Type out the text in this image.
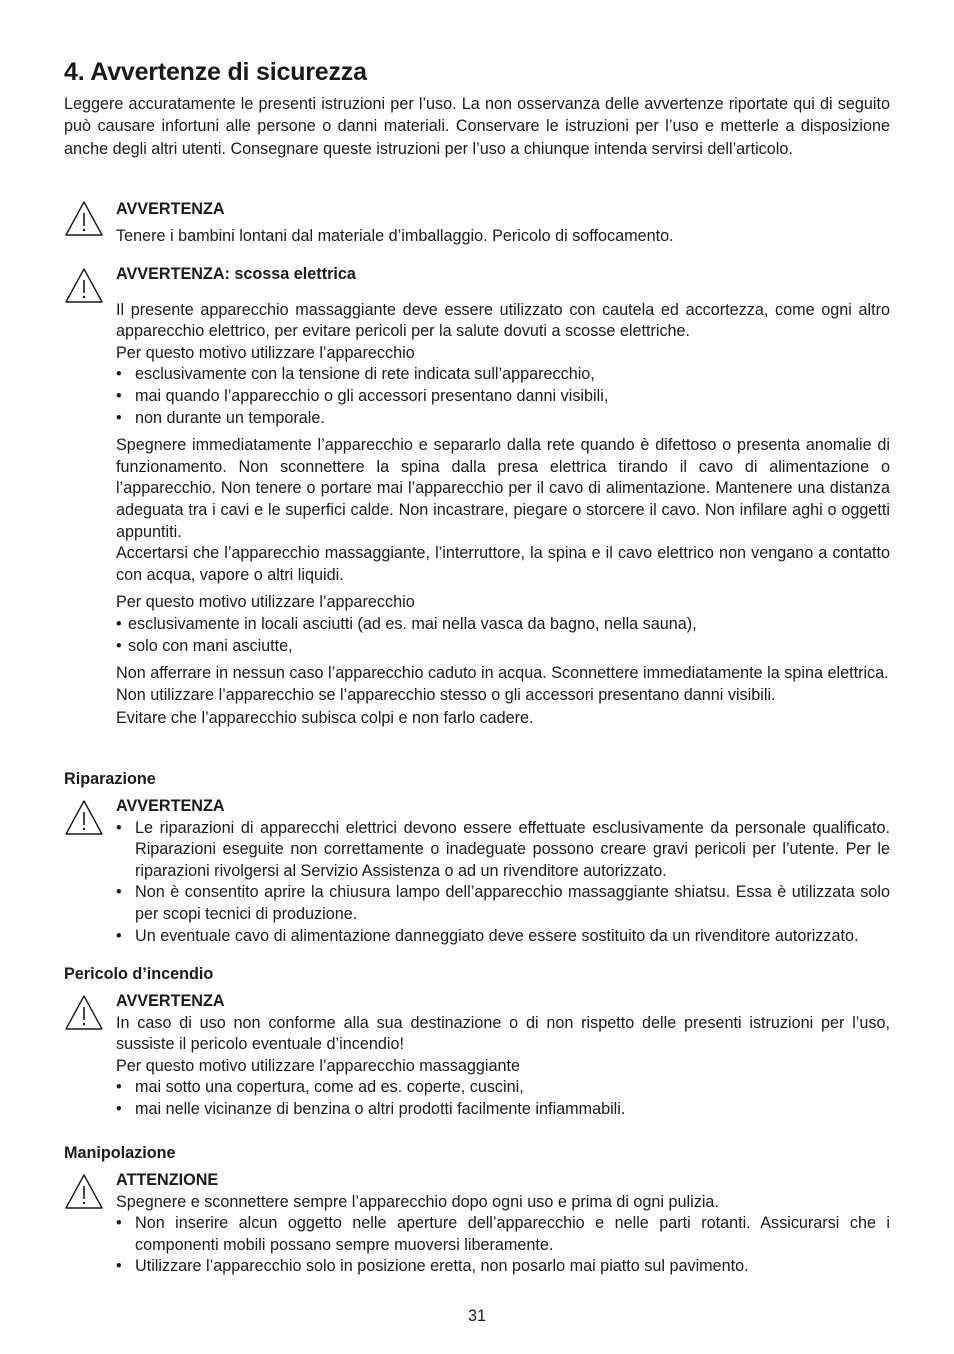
4. Avvertenze di sicurezza

Leggere accuratamente le presenti istruzioni per l’uso. La non osservanza delle avvertenze riportate qui di seguito può causare infortuni alle persone o danni materiali. Conservare le istruzioni per l’uso e metterle a disposizione anche degli altri utenti. Consegnare queste istruzioni per l’uso a chiunque intenda servirsi dell’articolo.

AVVERTENZA

Tenere i bambini lontani dal materiale d’imballaggio. Pericolo di soffocamento.

AVVERTENZA: scossa elettrica

Il presente apparecchio massaggiante deve essere utilizzato con cautela ed accortezza, come ogni altro apparecchio elettrico, per evitare pericoli per la salute dovuti a scosse elettriche.

Per questo motivo utilizzare l’apparecchio

• esclusivamente con la tensione di rete indicata sull’apparecchio,
• mai quando l’apparecchio o gli accessori presentano danni visibili,
• non durante un temporale.

Spegnere immediatamente l’apparecchio e separarlo dalla rete quando è difettoso o presenta anomalie di funzionamento. Non sconnettere la spina dalla presa elettrica tirando il cavo di alimentazione o l’apparecchio. Non tenere o portare mai l’apparecchio per il cavo di alimentazione. Mantenere una distanza adeguata tra i cavi e le superfici calde. Non incastrare, piegare o storcere il cavo. Non infilare aghi o oggetti appuntiti.

Accertarsi che l’apparecchio massaggiante, l’interruttore, la spina e il cavo elettrico non vengano a contatto con acqua, vapore o altri liquidi.

Per questo motivo utilizzare l’apparecchio

• esclusivamente in locali asciutti (ad es. mai nella vasca da bagno, nella sauna),
• solo con mani asciutte,

Non afferrare in nessun caso l’apparecchio caduto in acqua. Sconnettere immediatamente la spina elettrica.

Non utilizzare l’apparecchio se l’apparecchio stesso o gli accessori presentano danni visibili.

Evitare che l’apparecchio subisca colpi e non farlo cadere.

Riparazione

AVVERTENZA

• Le riparazioni di apparecchi elettrici devono essere effettuate esclusivamente da personale qualificato. Riparazioni eseguite non correttamente o inadeguate possono creare gravi pericoli per l’utente. Per le riparazioni rivolgersi al Servizio Assistenza o ad un rivenditore autorizzato.
• Non è consentito aprire la chiusura lampo dell’apparecchio massaggiante shiatsu. Essa è utilizzata solo per scopi tecnici di produzione.
• Un eventuale cavo di alimentazione danneggiato deve essere sostituito da un rivenditore autorizzato.

Pericolo d’incendio

AVVERTENZA

In caso di uso non conforme alla sua destinazione o di non rispetto delle presenti istruzioni per l’uso, sussiste il pericolo eventuale d’incendio!

Per questo motivo utilizzare l’apparecchio massaggiante

• mai sotto una copertura, come ad es. coperte, cuscini,
• mai nelle vicinanze di benzina o altri prodotti facilmente infiammabili.

Manipolazione

ATTENZIONE

Spegnere e sconnettere sempre l’apparecchio dopo ogni uso e prima di ogni pulizia.

• Non inserire alcun oggetto nelle aperture dell’apparecchio e nelle parti rotanti. Assicurarsi che i componenti mobili possano sempre muoversi liberamente.
• Utilizzare l’apparecchio solo in posizione eretta, non posarlo mai piatto sul pavimento.
31
